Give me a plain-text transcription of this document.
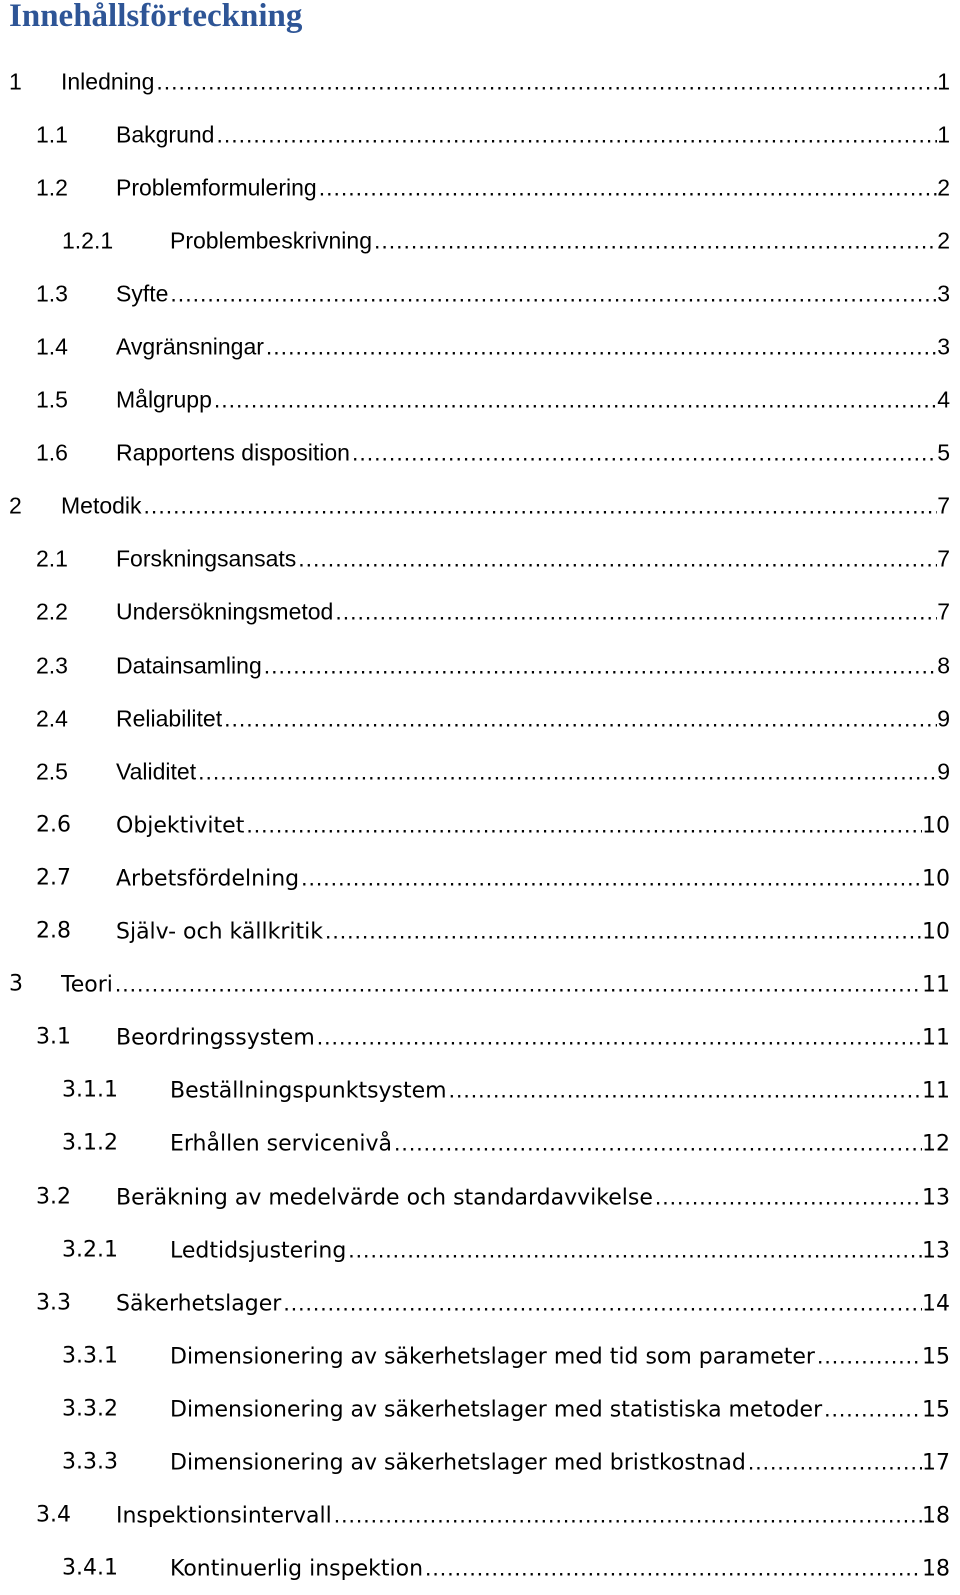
Innehållsförteckning
1 Inledning .....	1
1.1 Bakgrund .....	1
1.2 Problemformulering .....	2
1.2.1 Problembeskrivning .....	2
1.3 Syfte .....	3
1.4 Avgränsningar .....	3
1.5 Målgrupp .....	4
1.6 Rapportens disposition .....	5
2 Metodik .....	7
2.1 Forskningsansats .....	7
2.2 Undersökningsmetod .....	7
2.3 Datainsamling .....	8
2.4 Reliabilitet .....	9
2.5 Validitet .....	9
2.6 Objektivitet .....	10
2.7 Arbetsfördelning .....	10
2.8 Själv- och källkritik .....	10
3 Teori .....	11
3.1 Beordringssystem .....	11
3.1.1 Beställningspunktsystem .....	11
3.1.2 Erhållen servicenivå .....	12
3.2 Beräkning av medelvärde och standardavvikelse .....	13
3.2.1 Ledtidsjustering .....	13
3.3 Säkerhetslager .....	14
3.3.1 Dimensionering av säkerhetslager med tid som parameter .....	15
3.3.2 Dimensionering av säkerhetslager med statistiska metoder .....	15
3.3.3 Dimensionering av säkerhetslager med bristkostnad .....	17
3.4 Inspektionsintervall .....	18
3.4.1 Kontinuerlig inspektion .....	18
